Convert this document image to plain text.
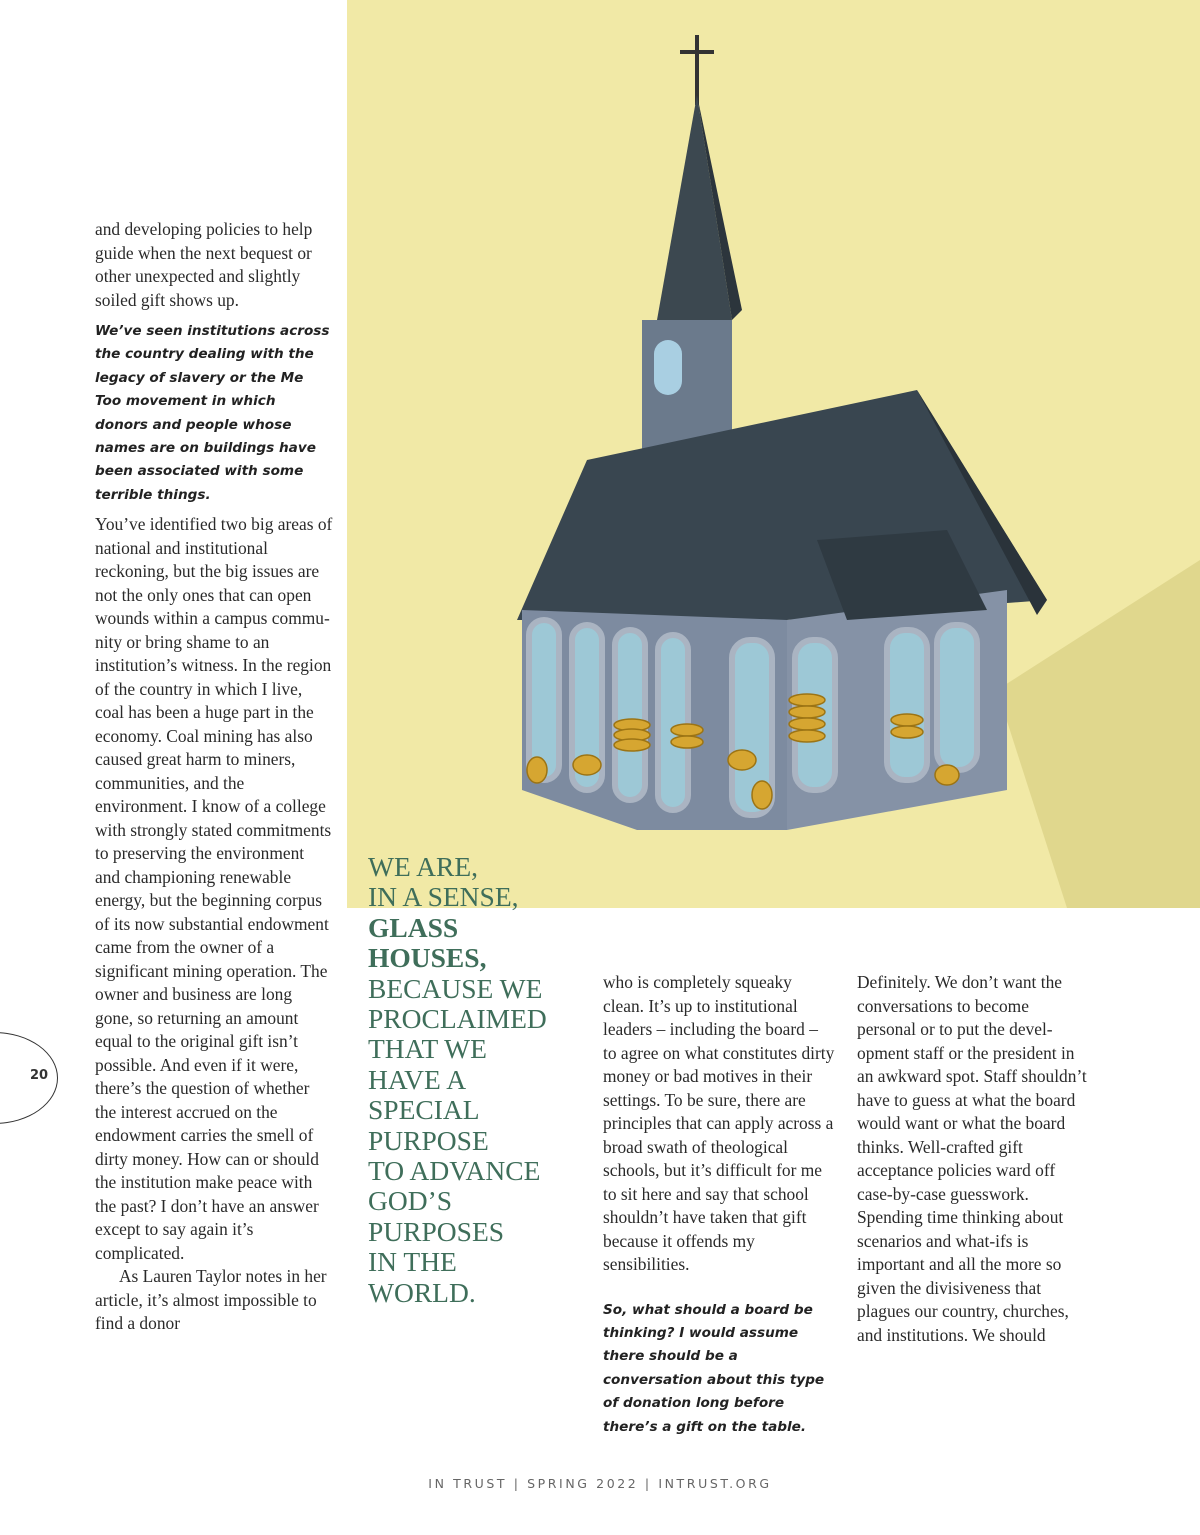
and developing policies to help guide when the next bequest or other unexpected and slightly soiled gift shows up.

We’ve seen institutions across the country dealing with the legacy of slavery or the Me Too movement in which donors and people whose names are on buildings have been associated with some terrible things.

You’ve identified two big areas of national and institutional reckoning, but the big issues are not the only ones that can open wounds within a campus community or bring shame to an institution’s witness. In the region of the country in which I live, coal has been a huge part in the economy. Coal mining has also caused great harm to miners, communities, and the environment. I know of a college with strongly stated commitments to preserving the environment and championing renewable energy, but the beginning corpus of its now substantial endowment came from the owner of a significant mining operation. The owner and business are long gone, so returning an amount equal to the original gift isn’t possible. And even if it were, there’s the question of whether the interest accrued on the endowment carries the smell of dirty money. How can or should the institution make peace with the past? I don’t have an answer except to say again it’s complicated.

As Lauren Taylor notes in her article, it’s almost impossible to find a donor

WE ARE,
IN A SENSE,
GLASS
HOUSES,
BECAUSE WE
PROCLAIMED
THAT WE
HAVE A
SPECIAL
PURPOSE
TO ADVANCE
GOD’S
PURPOSES
IN THE
WORLD.

who is completely squeaky clean. It’s up to institutional leaders – including the board – to agree on what constitutes dirty money or bad motives in their settings. To be sure, there are principles that can apply across a broad swath of theological schools, but it’s difficult for me to sit here and say that school shouldn’t have taken that gift because it offends my sensibilities.

So, what should a board be thinking? I would assume there should be a conversation about this type of donation long before there’s a gift on the table.

Definitely. We don’t want the conversations to become personal or to put the development staff or the president in an awkward spot. Staff shouldn’t have to guess at what the board would want or what the board thinks. Well-crafted gift acceptance policies ward off case-by-case guesswork. Spending time thinking about scenarios and what-ifs is important and all the more so given the divisiveness that plagues our country, churches, and institutions. We should

20
IN TRUST | SPRING 2022 | INTRUST.ORG
